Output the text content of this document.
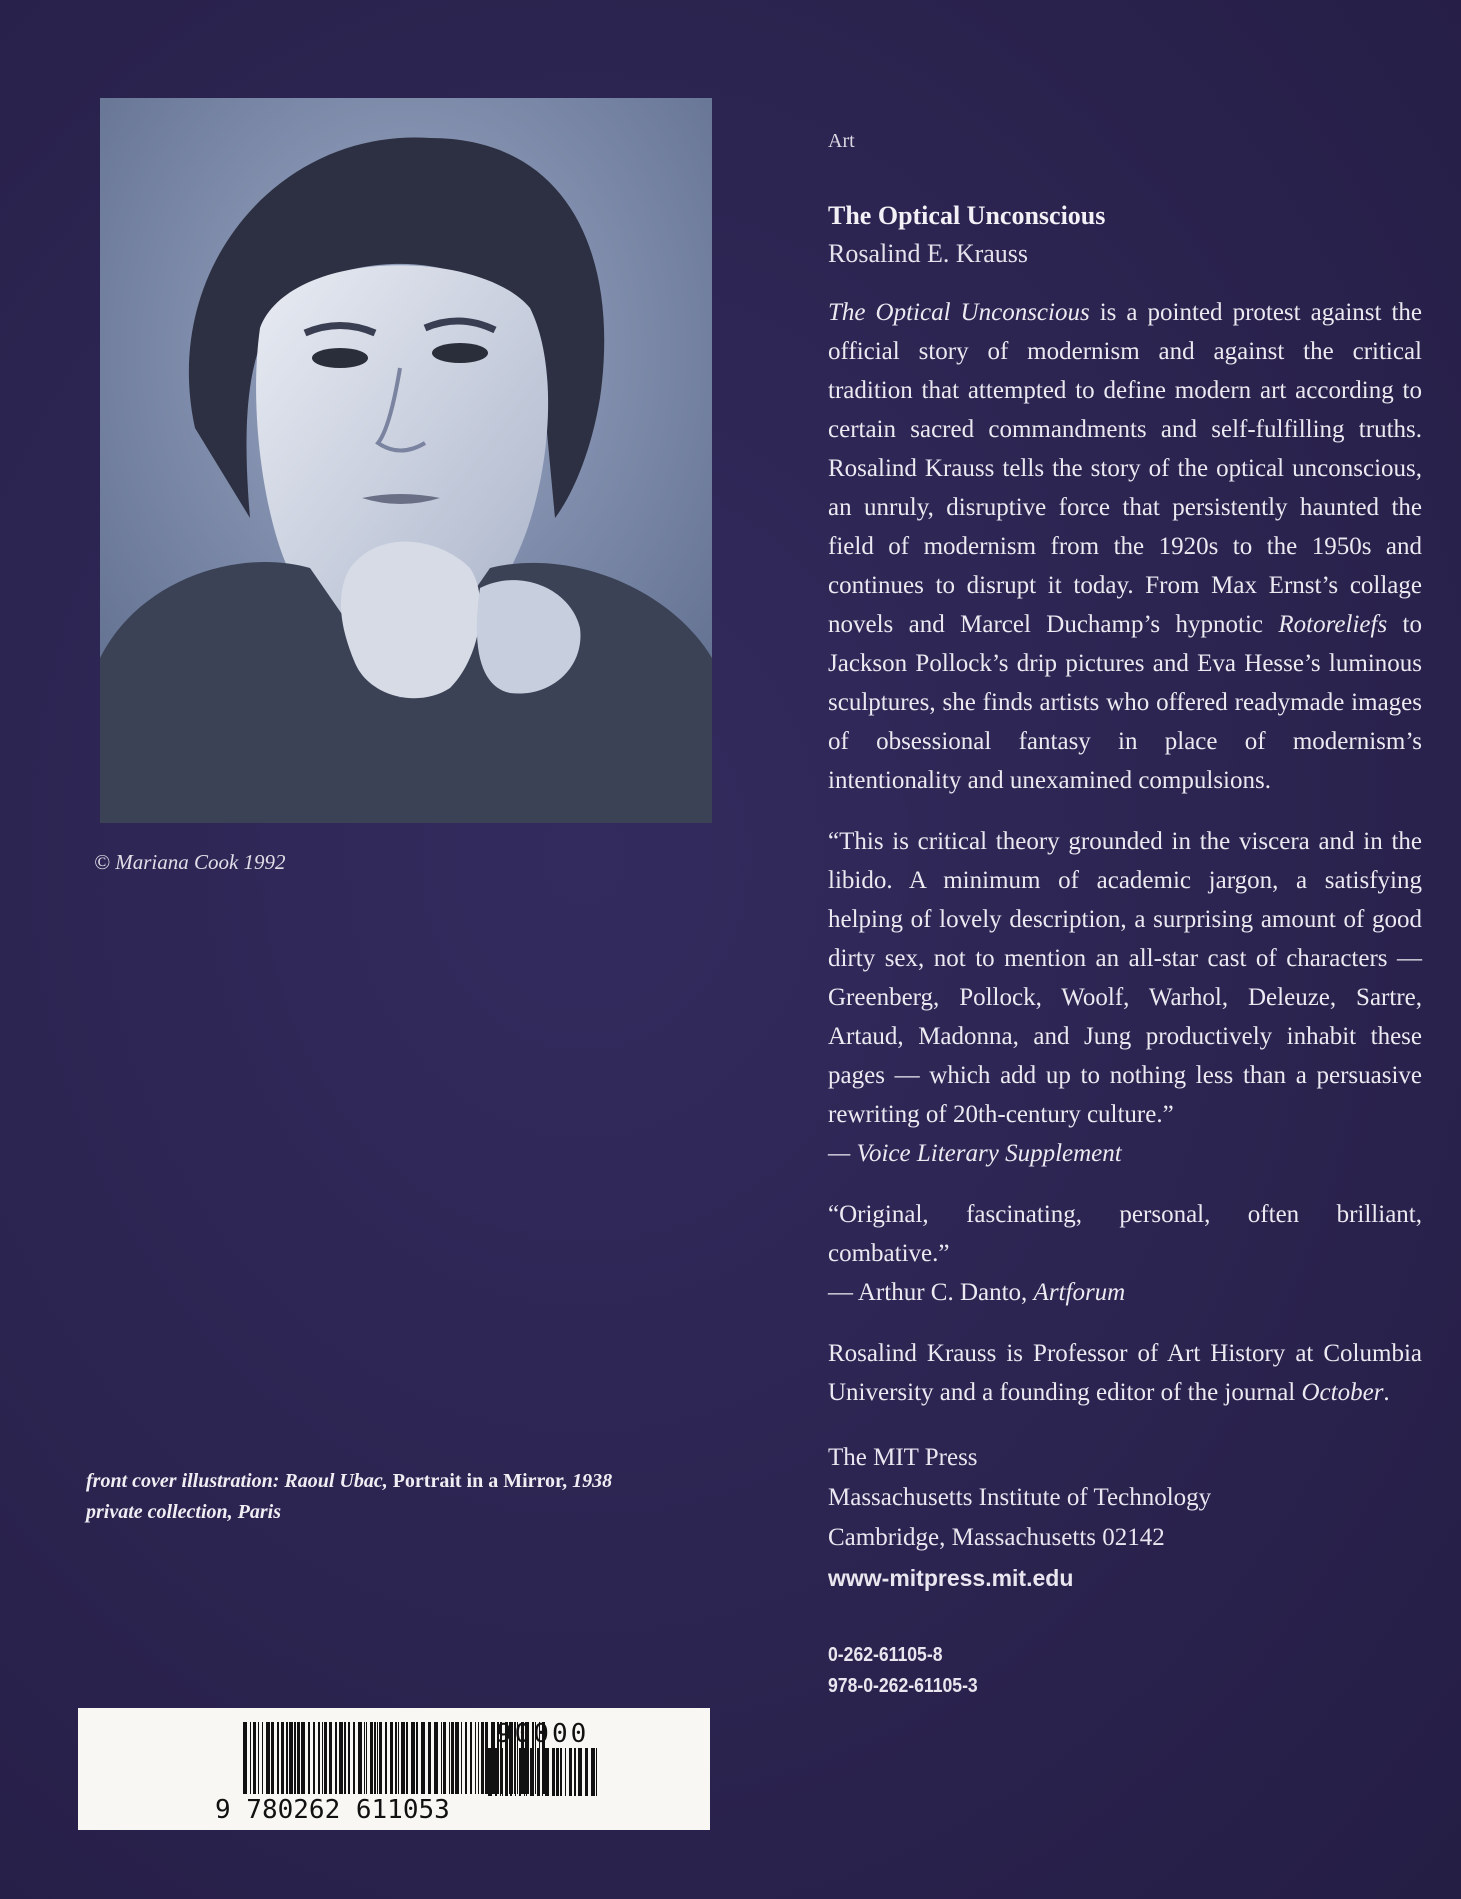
© Mariana Cook 1992
front cover illustration: Raoul Ubac, Portrait in a Mirror, 1938
private collection, Paris
9 780262 611053
90000
Art
The Optical Unconscious
Rosalind E. Krauss

The Optical Unconscious is a pointed protest against the official story of modernism and against the critical tradition that attempted to define modern art according to certain sacred commandments and self-fulfilling truths. Rosalind Krauss tells the story of the optical unconscious, an unruly, disruptive force that persistently haunted the field of modernism from the 1920s to the 1950s and continues to disrupt it today. From Max Ernst’s collage novels and Marcel Duchamp’s hypnotic Rotoreliefs to Jackson Pollock’s drip pictures and Eva Hesse’s luminous sculptures, she finds artists who offered readymade images of obsessional fantasy in place of modernism’s intentionality and unexamined compulsions.

“This is critical theory grounded in the viscera and in the libido. A minimum of academic jargon, a satisfying helping of lovely description, a surprising amount of good dirty sex, not to mention an all-star cast of characters — Greenberg, Pollock, Woolf, Warhol, Deleuze, Sartre, Artaud, Madonna, and Jung productively inhabit these pages — which add up to nothing less than a persuasive rewriting of 20th-century culture.”
— Voice Literary Supplement

“Original, fascinating, personal, often brilliant, combative.”
— Arthur C. Danto, Artforum

Rosalind Krauss is Professor of Art History at Columbia University and a founding editor of the journal October.

The MIT Press
Massachusetts Institute of Technology
Cambridge, Massachusetts 02142
www-mitpress.mit.edu
0-262-61105-8
978-0-262-61105-3
